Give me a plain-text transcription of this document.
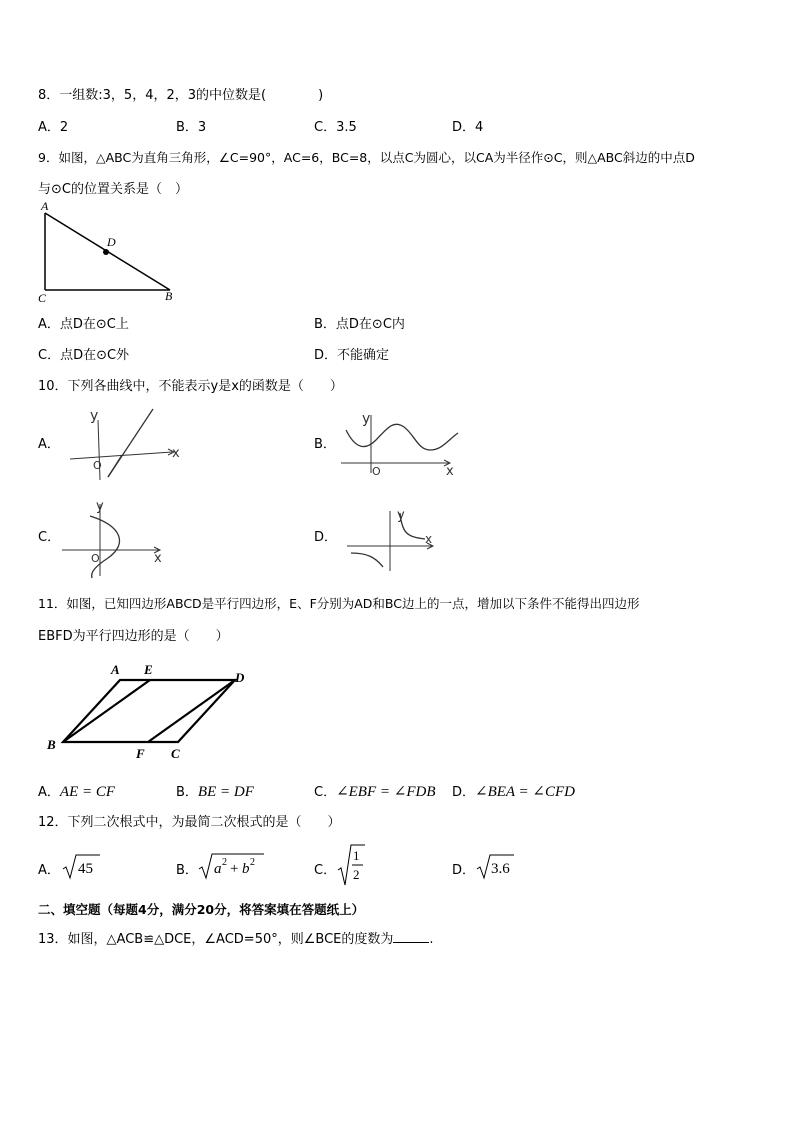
8．一组数:3，5，4，2，3的中位数是(　　　　)
A．2	B．3	C．3.5	D．4
9．如图，△ABC为直角三角形，∠C=90°，AC=6，BC=8，以点C为圆心，以CA为半径作⊙C，则△ABC斜边的中点D
与⊙C的位置关系是（　）
A
D
C	B
A．点D在⊙C上	B．点D在⊙C内
C．点D在⊙C外	D．不能确定
10．下列各曲线中，不能表示y是x的函数是（　　）
A．
y
x
O
B．
y
x
O
C．
y
x
O
D．
y
x
11．如图，已知四边形ABCD是平行四边形，E、F分别为AD和BC边上的一点，增加以下条件不能得出四边形
EBFD为平行四边形的是（　　）
A E
D
B
F C
A．AE = CF	B．BE = DF	C．∠EBF = ∠FDB D．∠BEA = ∠CFD
12．下列二次根式中，为最简二次根式的是（　　）
A． 45	B． a 2 + b 2
C．
1
2	D． 3.6
二、填空题（每题4分，满分20分，将答案填在答题纸上）
13．如图，△ACB≌△DCE，∠ACD=50°，则∠BCE的度数为	.
